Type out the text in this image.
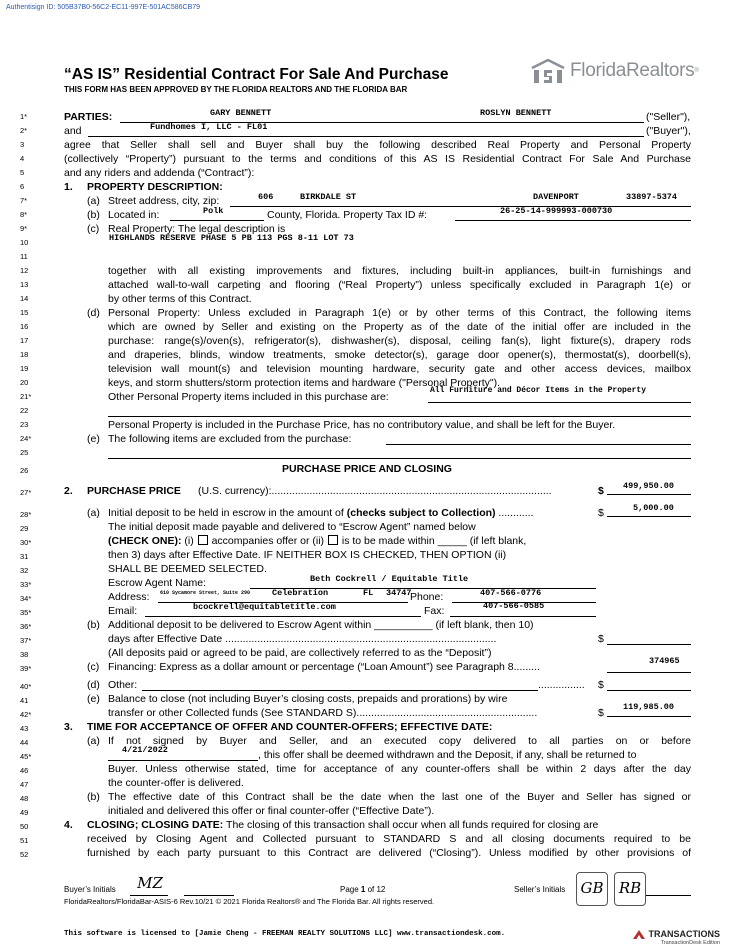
Authentisign ID: 505B37B0-56C2-EC11-997E-501AC586CB79
“AS IS” Residential Contract For Sale And Purchase
THIS FORM HAS BEEN APPROVED BY THE FLORIDA REALTORS AND THE FLORIDA BAR
FloridaRealtors ®
1*
2*
3
4
5
6
7*
8*
9*
10
11
12
13
14
15
16
17
18
19
20
21*
22
23
24*
25
26
27*
28*
29
30*
31
32
33*
34*
35*
36*
37*
38
39*
40*
41
42*
43
44
45*
46
47
48
49
50
51
52
PARTIES:	GARY BENNETT	ROSLYN BENNETT	("Seller"),
and	Fundhomes I, LLC - FL01	("Buyer"),
agree that Seller shall sell and Buyer shall buy the following described Real Property and Personal Property
(collectively “Property”) pursuant to the terms and conditions of this AS IS Residential Contract For Sale And Purchase
and any riders and addenda (“Contract”):
1. PROPERTY DESCRIPTION:
(a) Street address, city, zip:	606	BIRKDALE ST	DAVENPORT	33897-5374
(b) Located in:	Polk	County, Florida. Property Tax ID #:	26-25-14-999993-000730
(c) Real Property: The legal description is
HIGHLANDS RESERVE PHASE 5 PB 113 PGS 8-11 LOT 73
together with all existing improvements and fixtures, including built-in appliances, built-in furnishings and
attached wall-to-wall carpeting and flooring (“Real Property”) unless specifically excluded in Paragraph 1(e) or
by other terms of this Contract.
(d) Personal Property: Unless excluded in Paragraph 1(e) or by other terms of this Contract, the following items
which are owned by Seller and existing on the Property as of the date of the initial offer are included in the
purchase: range(s)/oven(s), refrigerator(s), dishwasher(s), disposal, ceiling fan(s), light fixture(s), drapery rods
and draperies, blinds, window treatments, smoke detector(s), garage door opener(s), thermostat(s), doorbell(s),
television wall mount(s) and television mounting hardware, security gate and other access devices, mailbox
keys, and storm shutters/storm protection items and hardware ("Personal Property").
Other Personal Property items included in this purchase are:
All Furniture and Décor Items in the Property
Personal Property is included in the Purchase Price, has no contributory value, and shall be left for the Buyer.
(e) The following items are excluded from the purchase:
PURCHASE PRICE AND CLOSING
2. PURCHASE PRICE (U.S. currency):................................................................................................	$ 499,950.00
(a) Initial deposit to be held in escrow in the amount of (checks subject to Collection) ............	$	5,000.00
The initial deposit made payable and delivered to “Escrow Agent” named below
(CHECK ONE): (i)  accompanies offer or (ii)  is to be made within _____ (if left blank,
then 3) days after Effective Date. IF NEITHER BOX IS CHECKED, THEN OPTION (ii)
SHALL BE DEEMED SELECTED.
Escrow Agent Name:	Beth Cockrell / Equitable Title
Address: 610 Sycamore Street, Suite 290	Celebration	FL 34747
Phone:	407-566-0776
Email:	bcockrell@equitabletitle.com	Fax:	407-566-0585
(b) Additional deposit to be delivered to Escrow Agent within __________ (if left blank, then 10)
days after Effective Date .............................................................................................	$
(All deposits paid or agreed to be paid, are collectively referred to as the “Deposit”)
(c) Financing: Express as a dollar amount or percentage (“Loan Amount”) see Paragraph 8.........	374965
(d) Other:	................ $
(e) Balance to close (not including Buyer’s closing costs, prepaids and prorations) by wire
transfer or other Collected funds (See STANDARD S)..............................................................	$ 119,985.00
3. TIME FOR ACCEPTANCE OF OFFER AND COUNTER-OFFERS; EFFECTIVE DATE:
(a) If not signed by Buyer and Seller, and an executed copy delivered to all parties on or before
4/21/2022	, this offer shall be deemed withdrawn and the Deposit, if any, shall be returned to
Buyer. Unless otherwise stated, time for acceptance of any counter-offers shall be within 2 days after the day
the counter-offer is delivered.
(b) The effective date of this Contract shall be the date when the last one of the Buyer and Seller has signed or
initialed and delivered this offer or final counter-offer (“Effective Date”).
4. CLOSING; CLOSING DATE: The closing of this transaction shall occur when all funds required for closing are
received by Closing Agent and Collected pursuant to STANDARD S and all closing documents required to be
furnished by each party pursuant to this Contract are delivered (“Closing”). Unless modified by other provisions of
Buyer’s Initials MZ	Page 1 of 12	Seller’s Initials GB	RB
FloridaRealtors/FloridaBar-ASIS-6 Rev.10/21 © 2021 Florida Realtors® and The Florida Bar. All rights reserved.
This software is licensed to [Jamie Cheng - FREEMAN REALTY SOLUTIONS LLC] www.transactiondesk.com.	TRANSACTIONS
TransactionDesk Edition
